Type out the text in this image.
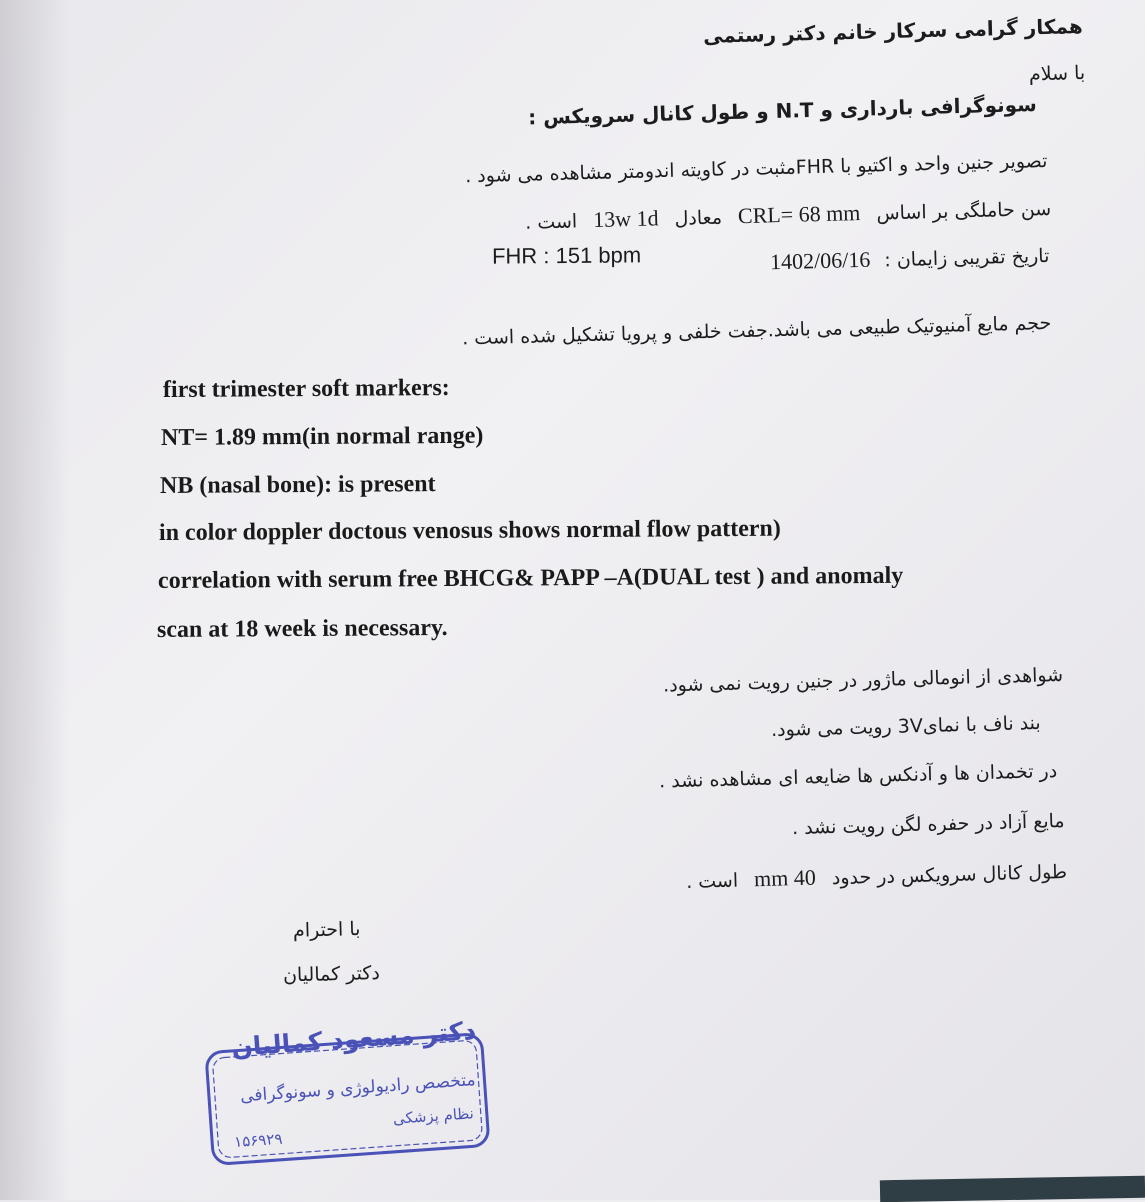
همکار گرامی سرکار خانم دکتر رستمی
با سلام
سونوگرافی بارداری و N.T و طول کانال سرویکس :
تصویر جنین واحد و اکتیو با FHRمثبت در کاویته اندومتر مشاهده می شود .
سن حاملگی بر اساس CRL= 68 mm معادل 13w 1d است .
تاریخ تقریبی زایمان : 1402/06/16
FHR : 151 bpm
حجم مایع آمنیوتیک طبیعی می باشد.جفت خلفی و پرویا تشکیل شده است .
first trimester soft markers:
NT= 1.89 mm(in normal range)
NB (nasal bone): is present
in color doppler doctous venosus shows normal flow pattern)
correlation with serum free BHCG& PAPP –A(DUAL test ) and anomaly
scan at 18 week is necessary.
شواهدی از انومالی ماژور در جنین رویت نمی شود.
بند ناف با نمای3V رویت می شود.
در تخمدان ها و آدنکس ها ضایعه ای مشاهده نشد .
مایع آزاد در حفره لگن رویت نشد .
طول کانال سرویکس در حدود 40 mm است .
با احترام
دکتر کمالیان
دکتر مسعود کمالیان
متخصص رادیولوژی و سونوگرافی
نظام پزشکی
۱۵۶۹۲۹
